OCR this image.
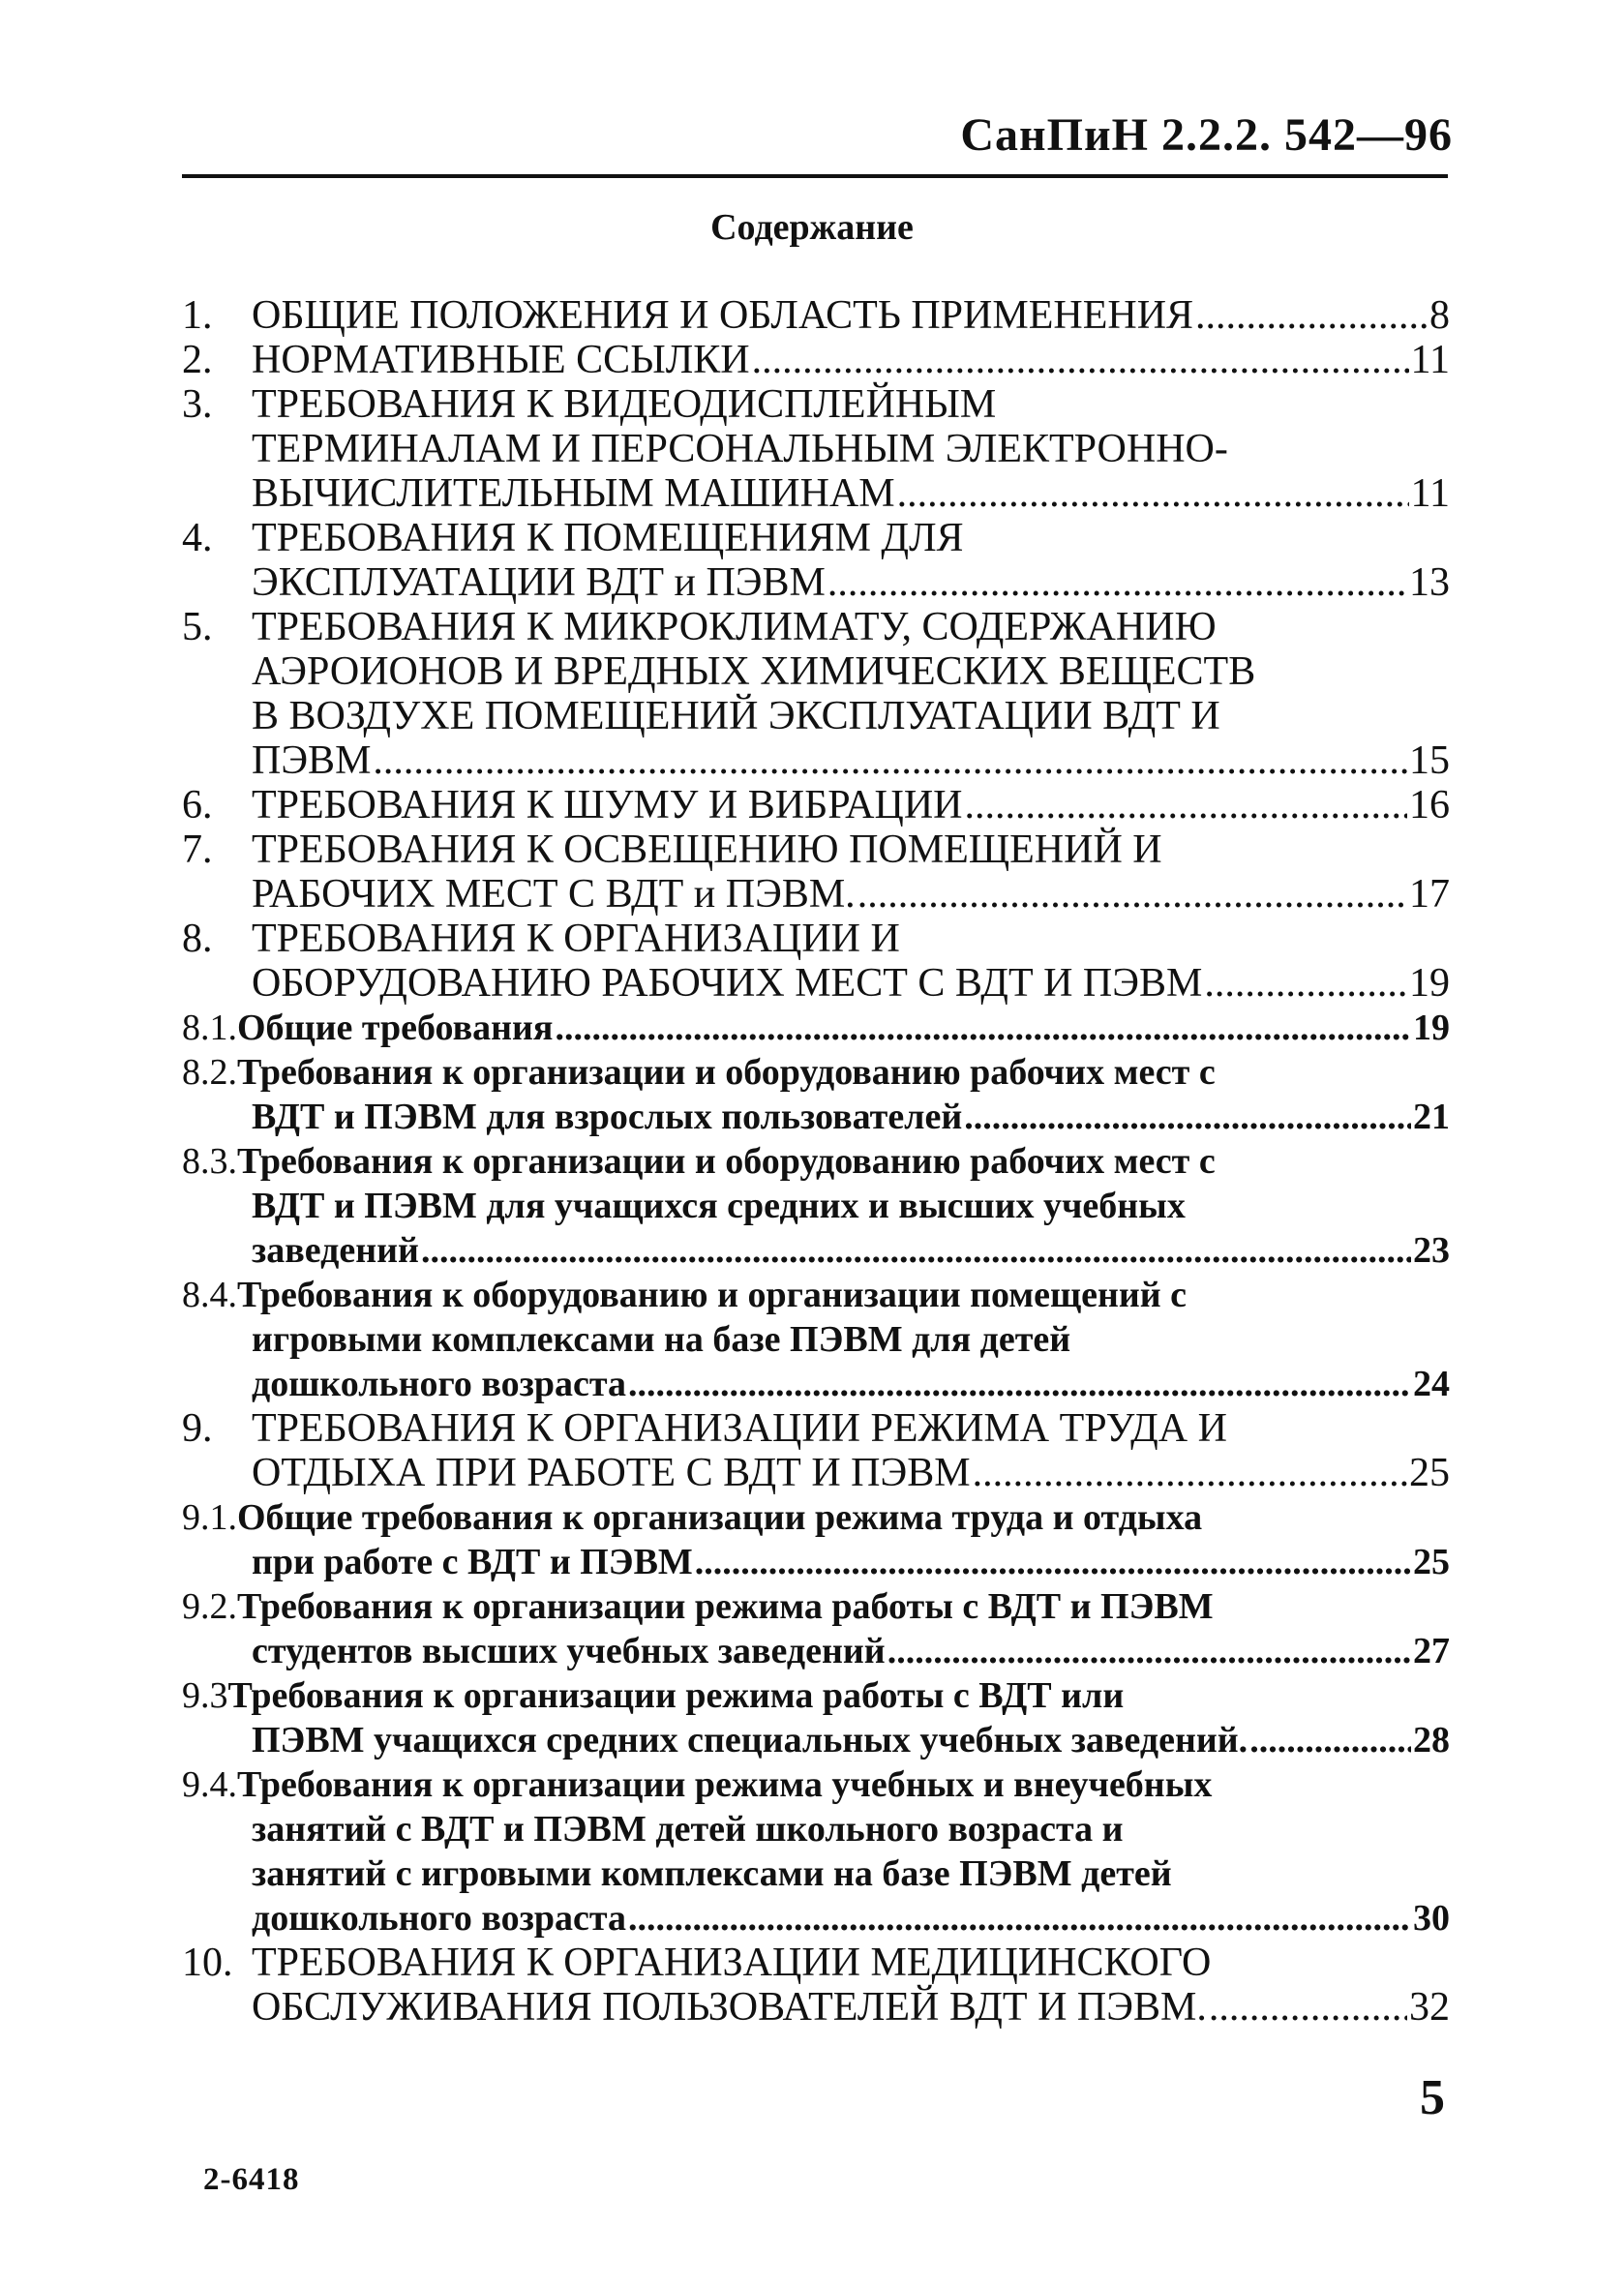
СанПиН 2.2.2. 542—96
Содержание
1. ОБЩИЕ ПОЛОЖЕНИЯ И ОБЛАСТЬ ПРИМЕНЕНИЯ .....	8
2. НОРМАТИВНЫЕ ССЫЛКИ .....	11
3. ТРЕБОВАНИЯ К ВИДЕОДИСПЛЕЙНЫМ
ТЕРМИНАЛАМ И ПЕРСОНАЛЬНЫМ ЭЛЕКТРОННО-
ВЫЧИСЛИТЕЛЬНЫМ МАШИНАМ .....	11
4. ТРЕБОВАНИЯ К ПОМЕЩЕНИЯМ ДЛЯ
ЭКСПЛУАТАЦИИ ВДТ и ПЭВМ .....	13
5. ТРЕБОВАНИЯ К МИКРОКЛИМАТУ, СОДЕРЖАНИЮ
АЭРОИОНОВ И ВРЕДНЫХ ХИМИЧЕСКИХ ВЕЩЕСТВ
В ВОЗДУХЕ ПОМЕЩЕНИЙ ЭКСПЛУАТАЦИИ ВДТ И
ПЭВМ .....	15
6. ТРЕБОВАНИЯ К ШУМУ И ВИБРАЦИИ .....	16
7. ТРЕБОВАНИЯ К ОСВЕЩЕНИЮ ПОМЕЩЕНИЙ И
РАБОЧИХ МЕСТ С ВДТ и ПЭВМ. .....	17
8. ТРЕБОВАНИЯ К ОРГАНИЗАЦИИ И
ОБОРУДОВАНИЮ РАБОЧИХ МЕСТ С ВДТ И ПЭВМ .....	19
8.1. Общие требования .....	19
8.2. Требования к организации и оборудованию рабочих мест с
ВДТ и ПЭВМ для взрослых пользователей .....	21
8.3. Требования к организации и оборудованию рабочих мест с
ВДТ и ПЭВМ для учащихся средних и высших учебных
заведений .....	23
8.4. Требования к оборудованию и организации помещений с
игровыми комплексами на базе ПЭВМ для детей
дошкольного возраста .....	24
9. ТРЕБОВАНИЯ К ОРГАНИЗАЦИИ РЕЖИМА ТРУДА И
ОТДЫХА ПРИ РАБОТЕ С ВДТ И ПЭВМ .....	25
9.1. Общие требования к организации режима труда и отдыха
при работе с ВДТ и ПЭВМ .....	25
9.2. Требования к организации режима работы с ВДТ и ПЭВМ
студентов высших учебных заведений .....	27
9.3 Требования к организации режима работы с ВДТ или
ПЭВМ учащихся средних специальных учебных заведений. .....	28
9.4. Требования к организации режима учебных и внеучебных
занятий с ВДТ и ПЭВМ детей школьного возраста и
занятий с игровыми комплексами на базе ПЭВМ детей
дошкольного возраста .....	30
10. ТРЕБОВАНИЯ К ОРГАНИЗАЦИИ МЕДИЦИНСКОГО
ОБСЛУЖИВАНИЯ ПОЛЬЗОВАТЕЛЕЙ ВДТ И ПЭВМ. .....	32
5
2-6418
